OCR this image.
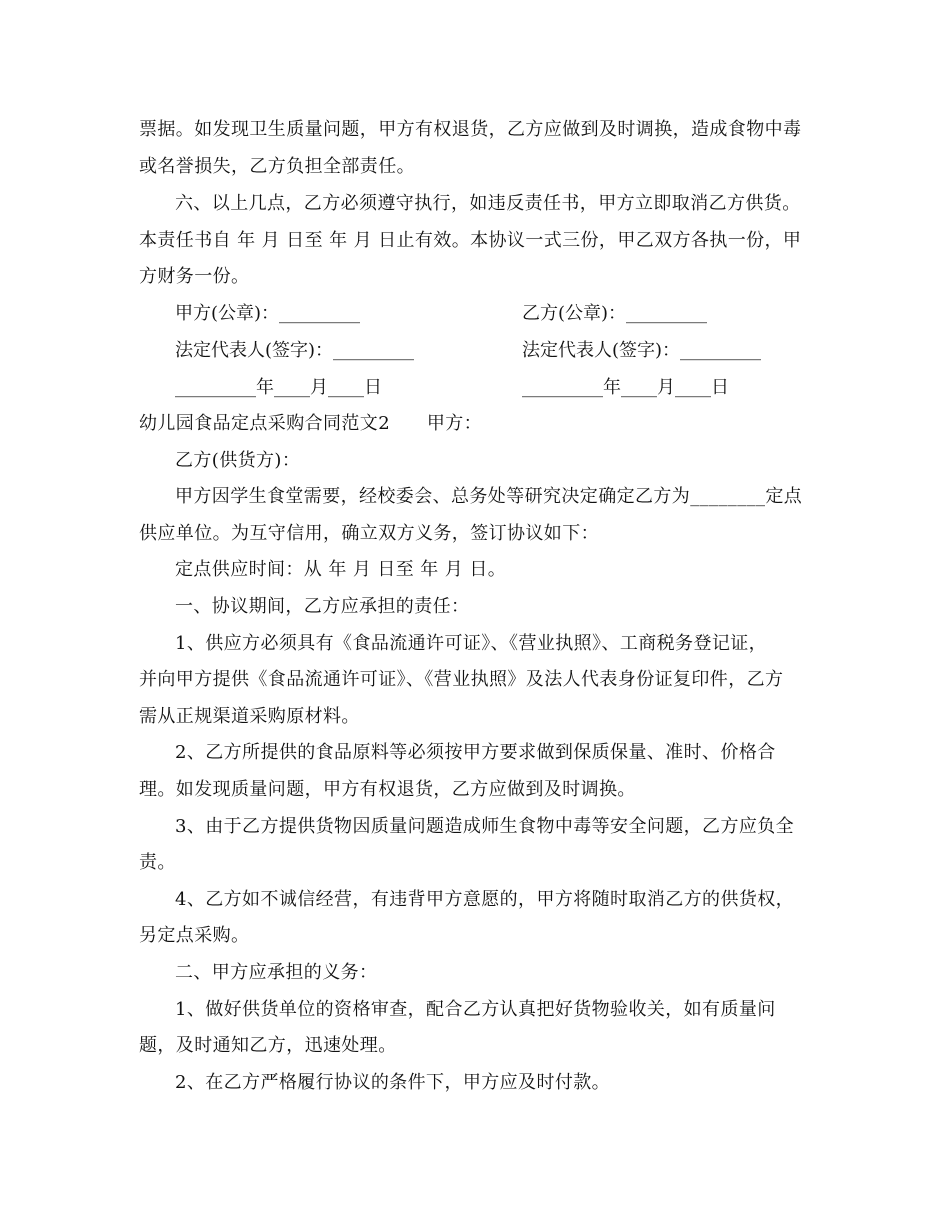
票据。如发现卫生质量问题，甲方有权退货，乙方应做到及时调换，造成食物中毒
或名誉损失，乙方负担全部责任。
六、以上几点，乙方必须遵守执行，如违反责任书，甲方立即取消乙方供货。
本责任书自 年 月 日至 年 月 日止有效。本协议一式三份，甲乙双方各执一份，甲
方财务一份。
甲方(公章)：_________	乙方(公章)：_________
法定代表人(签字)：_________	法定代表人(签字)：_________
_________年____月____日	_________年____月____日
幼儿园食品定点采购合同范文2　　甲方：
乙方(供货方)：
甲方因学生食堂需要，经校委会、总务处等研究决定确定乙方为________定点
供应单位。为互守信用，确立双方义务，签订协议如下：
定点供应时间：从 年 月 日至 年 月 日。
一、协议期间，乙方应承担的责任：
1、供应方必须具有《食品流通许可证》、《营业执照》、工商税务登记证，
并向甲方提供《食品流通许可证》、《营业执照》及法人代表身份证复印件，乙方
需从正规渠道采购原材料。
2、乙方所提供的食品原料等必须按甲方要求做到保质保量、准时、价格合
理。如发现质量问题，甲方有权退货，乙方应做到及时调换。
3、由于乙方提供货物因质量问题造成师生食物中毒等安全问题，乙方应负全
责。
4、乙方如不诚信经营，有违背甲方意愿的，甲方将随时取消乙方的供货权，
另定点采购。
二、甲方应承担的义务：
1、做好供货单位的资格审查，配合乙方认真把好货物验收关，如有质量问
题，及时通知乙方，迅速处理。
2、在乙方严格履行协议的条件下，甲方应及时付款。
